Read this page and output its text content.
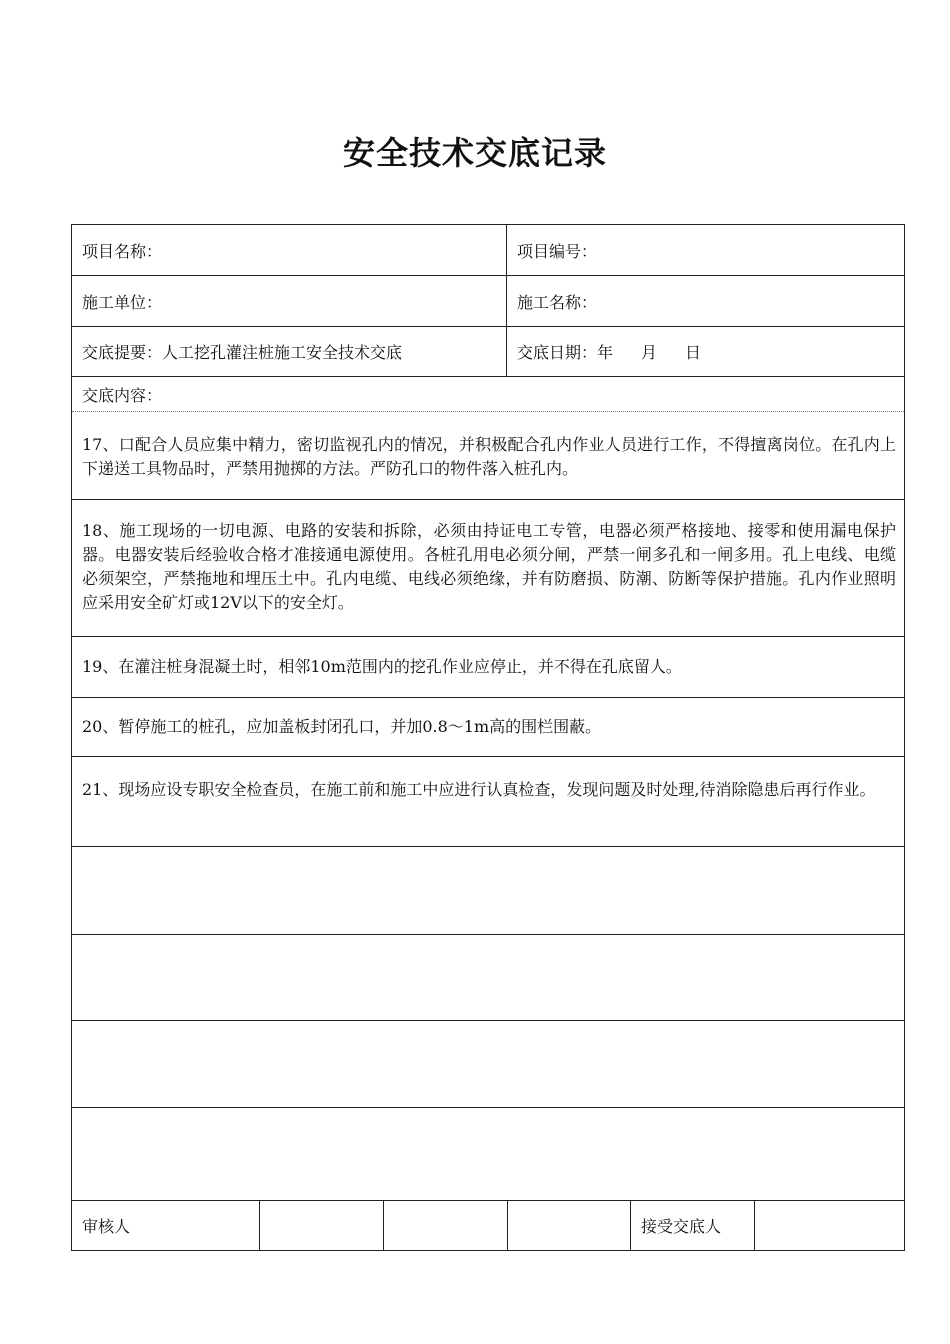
安全技术交底记录
项目名称：	项目编号：
施工单位：	施工名称：
交底提要： 人工挖孔灌注桩施工安全技术交底	交底日期： 年 月 日
交底内容：
17、口配合人员应集中精力，密切监视孔内的情况，并积极配合孔内作业人员进行工作，不得擅离岗位。在孔内上下递送工具物品时，严禁用抛掷的方法。严防孔口的物件落入桩孔内。
18、施工现场的一切电源、电路的安装和拆除，必须由持证电工专管，电器必须严格接地、接零和使用漏电保护器。电器安装后经验收合格才准接通电源使用。各桩孔用电必须分闸，严禁一闸多孔和一闸多用。孔上电线、电缆必须架空，严禁拖地和埋压土中。孔内电缆、电线必须绝缘，并有防磨损、防潮、防断等保护措施。孔内作业照明应采用安全矿灯或12V以下的安全灯。
19、在灌注桩身混凝土时，相邻10m范围内的挖孔作业应停止，并不得在孔底留人。
20、暂停施工的桩孔，应加盖板封闭孔口，并加0.8～1m高的围栏围蔽。
21、现场应设专职安全检查员，在施工前和施工中应进行认真检查，发现问题及时处理,待消除隐患后再行作业。
审核人	接受交底人
